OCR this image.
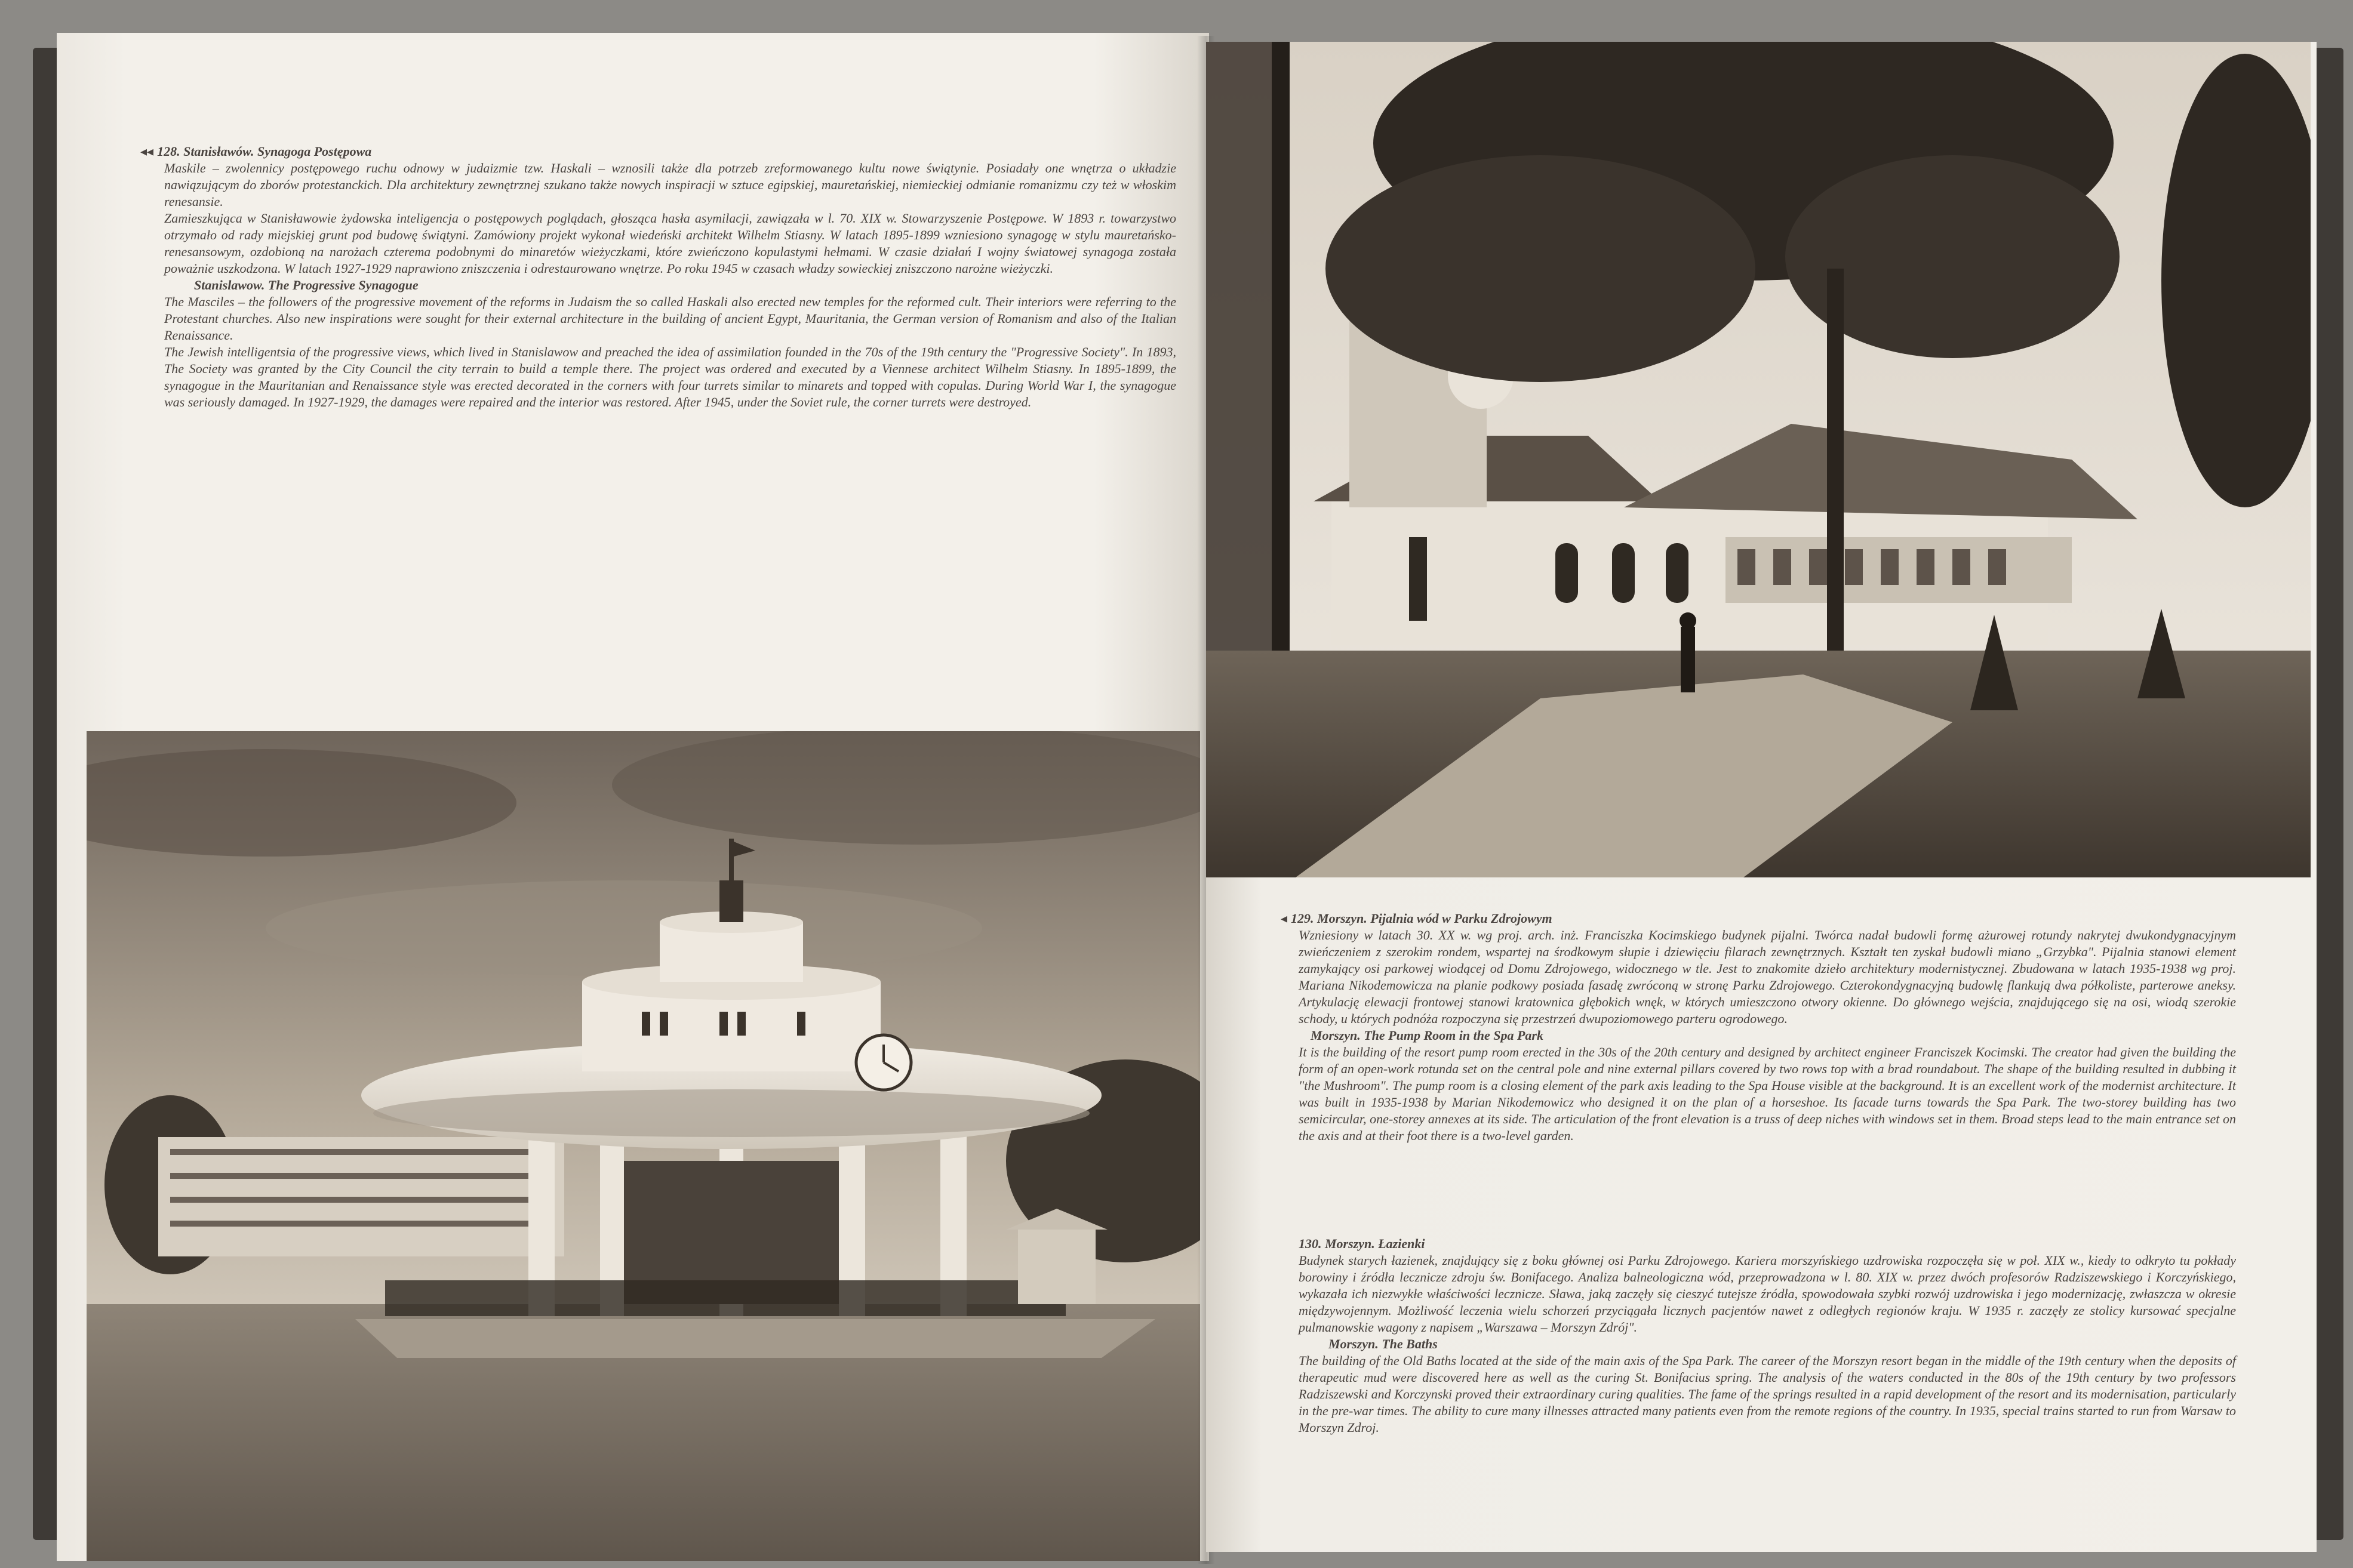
◂◂ 128. Stanisławów. Synagoga Postępowa

Maskile – zwolennicy postępowego ruchu odnowy w judaizmie tzw. Haskali – wznosili także dla potrzeb zreformowanego kultu nowe świątynie. Posiadały one wnętrza o układzie nawiązującym do zborów protestanckich. Dla architektury zewnętrznej szukano także nowych inspiracji w sztuce egipskiej, mauretańskiej, niemieckiej odmianie romanizmu czy też w włoskim renesansie.

Zamieszkująca w Stanisławowie żydowska inteligencja o postępowych poglądach, głosząca hasła asymilacji, zawiązała w l. 70. XIX w. Stowarzyszenie Postępowe. W 1893 r. towarzystwo otrzymało od rady miejskiej grunt pod budowę świątyni. Zamówiony projekt wykonał wiedeński architekt Wilhelm Stiasny. W latach 1895-1899 wzniesiono synagogę w stylu mauretańsko-renesansowym, ozdobioną na narożach czterema podobnymi do minaretów wieżyczkami, które zwieńczono kopulastymi hełmami. W czasie działań I wojny światowej synagoga została poważnie uszkodzona. W latach 1927-1929 naprawiono zniszczenia i odrestaurowano wnętrze. Po roku 1945 w czasach władzy sowieckiej zniszczono narożne wieżyczki.

Stanislawow. The Progressive Synagogue

The Masciles – the followers of the progressive movement of the reforms in Judaism the so called Haskali also erected new temples for the reformed cult. Their interiors were referring to the Protestant churches. Also new inspirations were sought for their external architecture in the building of ancient Egypt, Mauritania, the German version of Romanism and also of the Italian Renaissance.

The Jewish intelligentsia of the progressive views, which lived in Stanislawow and preached the idea of assimilation founded in the 70s of the 19th century the "Progressive Society". In 1893, The Society was granted by the City Council the city terrain to build a temple there. The project was ordered and executed by a Viennese architect Wilhelm Stiasny. In 1895-1899, the synagogue in the Mauritanian and Renaissance style was erected decorated in the corners with four turrets similar to minarets and topped with copulas. During World War I, the synagogue was seriously damaged. In 1927-1929, the damages were repaired and the interior was restored. After 1945, under the Soviet rule, the corner turrets were destroyed.

◂ 129. Morszyn. Pijalnia wód w Parku Zdrojowym

Wzniesiony w latach 30. XX w. wg proj. arch. inż. Franciszka Kocimskiego budynek pijalni. Twórca nadał budowli formę ażurowej rotundy nakrytej dwukondygnacyjnym zwieńczeniem z szerokim rondem, wspartej na środkowym słupie i dziewięciu filarach zewnętrznych. Kształt ten zyskał budowli miano „Grzybka". Pijalnia stanowi element zamykający osi parkowej wiodącej od Domu Zdrojowego, widocznego w tle. Jest to znakomite dzieło architektury modernistycznej. Zbudowana w latach 1935-1938 wg proj. Mariana Nikodemowicza na planie podkowy posiada fasadę zwróconą w stronę Parku Zdrojowego. Czterokondygnacyjną budowlę flankują dwa półkoliste, parterowe aneksy. Artykulację elewacji frontowej stanowi kratownica głębokich wnęk, w których umieszczono otwory okienne. Do głównego wejścia, znajdującego się na osi, wiodą szerokie schody, u których podnóża rozpoczyna się przestrzeń dwupoziomowego parteru ogrodowego.

Morszyn. The Pump Room in the Spa Park

It is the building of the resort pump room erected in the 30s of the 20th century and designed by architect engineer Franciszek Kocimski. The creator had given the building the form of an open-work rotunda set on the central pole and nine external pillars covered by two rows top with a brad roundabout. The shape of the building resulted in dubbing it "the Mushroom". The pump room is a closing element of the park axis leading to the Spa House visible at the background. It is an excellent work of the modernist architecture. It was built in 1935-1938 by Marian Nikodemowicz who designed it on the plan of a horseshoe. Its facade turns towards the Spa Park. The two-storey building has two semicircular, one-storey annexes at its side. The articulation of the front elevation is a truss of deep niches with windows set in them. Broad steps lead to the main entrance set on the axis and at their foot there is a two-level garden.

130. Morszyn. Łazienki

Budynek starych łazienek, znajdujący się z boku głównej osi Parku Zdrojowego. Kariera morszyńskiego uzdrowiska rozpoczęła się w poł. XIX w., kiedy to odkryto tu pokłady borowiny i źródła lecznicze zdroju św. Bonifacego. Analiza balneologiczna wód, przeprowadzona w l. 80. XIX w. przez dwóch profesorów Radziszewskiego i Korczyńskiego, wykazała ich niezwykłe właściwości lecznicze. Sława, jaką zaczęły się cieszyć tutejsze źródła, spowodowała szybki rozwój uzdrowiska i jego modernizację, zwłaszcza w okresie międzywojennym. Możliwość leczenia wielu schorzeń przyciągała licznych pacjentów nawet z odległych regionów kraju. W 1935 r. zaczęły ze stolicy kursować specjalne pulmanowskie wagony z napisem „Warszawa – Morszyn Zdrój".

Morszyn. The Baths

The building of the Old Baths located at the side of the main axis of the Spa Park. The career of the Morszyn resort began in the middle of the 19th century when the deposits of therapeutic mud were discovered here as well as the curing St. Bonifacius spring. The analysis of the waters conducted in the 80s of the 19th century by two professors Radziszewski and Korczynski proved their extraordinary curing qualities. The fame of the springs resulted in a rapid development of the resort and its modernisation, particularly in the pre-war times. The ability to cure many illnesses attracted many patients even from the remote regions of the country. In 1935, special trains started to run from Warsaw to Morszyn Zdroj.
